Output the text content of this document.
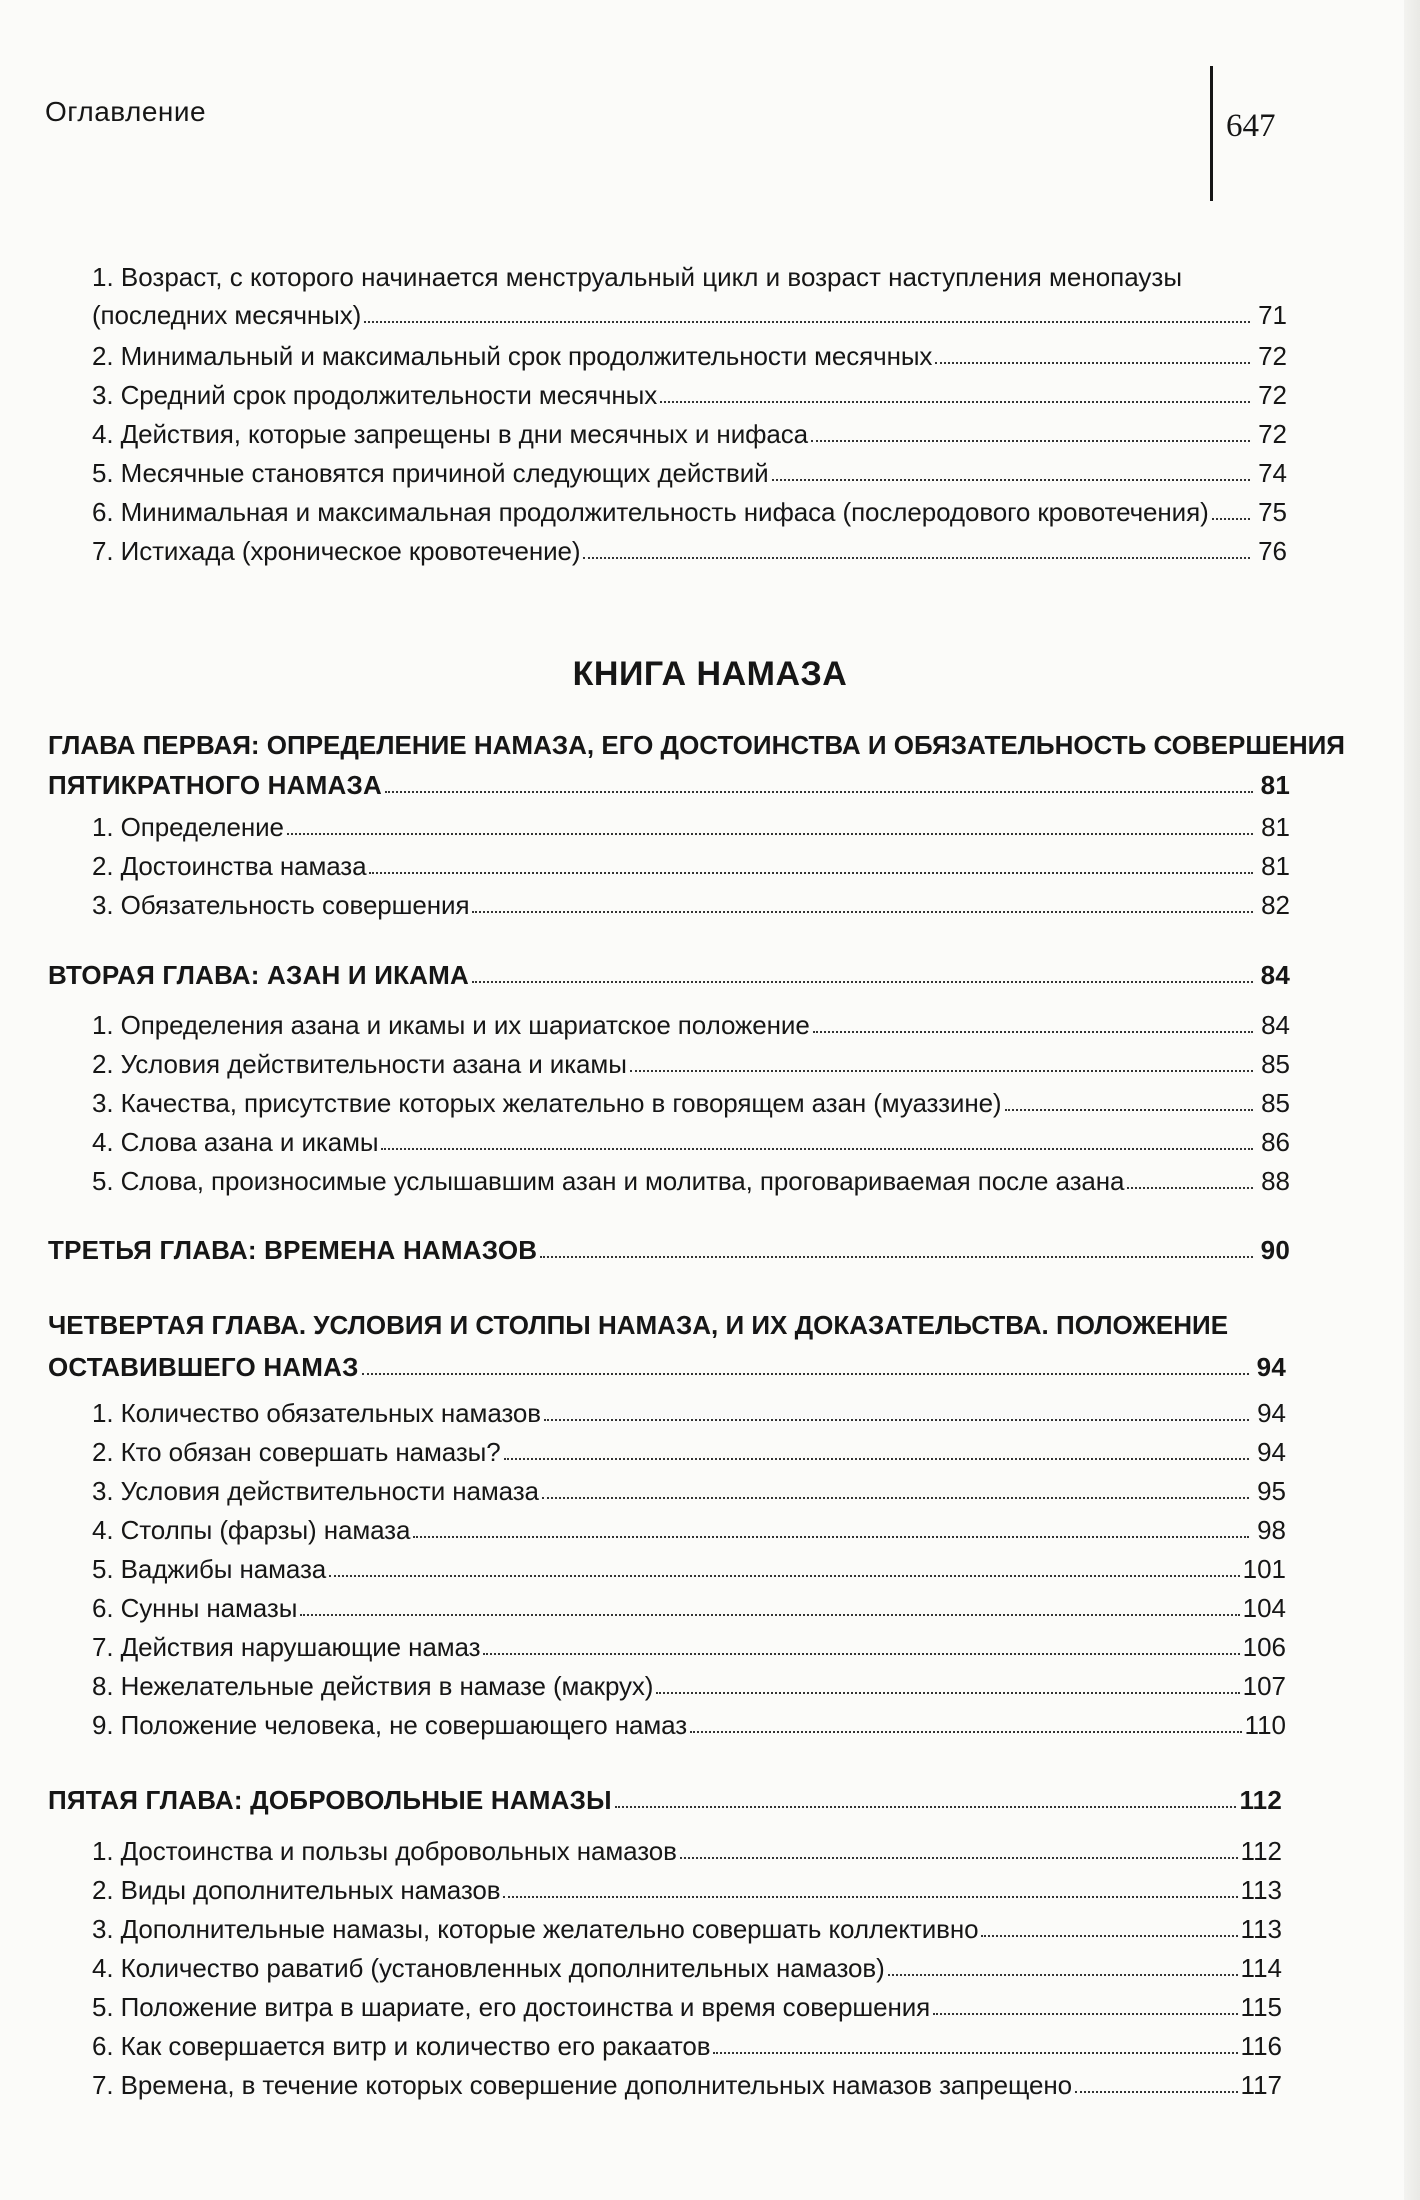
Оглавление	647
1. Возраст, с которого начинается менструальный цикл и возраст наступления менопаузы
(последних месячных)	71
2. Минимальный и максимальный срок продолжительности месячных	72
3. Средний срок продолжительности месячных	72
4. Действия, которые запрещены в дни месячных и нифаса	72
5. Месячные становятся причиной следующих действий	74
6. Минимальная и максимальная продолжительность нифаса (послеродового кровотечения) 75
7. Истихада (хроническое кровотечение)	76
КНИГА НАМАЗА
ГЛАВА ПЕРВАЯ: ОПРЕДЕЛЕНИЕ НАМАЗА, ЕГО ДОСТОИНСТВА И ОБЯЗАТЕЛЬНОСТЬ СОВЕРШЕНИЯ
ПЯТИКРАТНОГО НАМАЗА	81
1. Определение	81
2. Достоинства намаза	81
3. Обязательность совершения	82
ВТОРАЯ ГЛАВА: АЗАН И ИКАМА	84
1. Определения азана и икамы и их шариатское положение	84
2. Условия действительности азана и икамы	85
3. Качества, присутствие которых желательно в говорящем азан (муаззине)	85
4. Слова азана и икамы	86
5. Слова, произносимые услышавшим азан и молитва, проговариваемая после азана	88
ТРЕТЬЯ ГЛАВА: ВРЕМЕНА НАМАЗОВ	90
ЧЕТВЕРТАЯ ГЛАВА. УСЛОВИЯ И СТОЛПЫ НАМАЗА, И ИХ ДОКАЗАТЕЛЬСТВА. ПОЛОЖЕНИЕ
ОСТАВИВШЕГО НАМАЗ	94
1. Количество обязательных намазов	94
2. Кто обязан совершать намазы?	94
3. Условия действительности намаза	95
4. Столпы (фарзы) намаза	98
5. Ваджибы намаза	101
6. Сунны намазы	104
7. Действия нарушающие намаз	106
8. Нежелательные действия в намазе (макрух)	107
9. Положение человека, не совершающего намаз	110
ПЯТАЯ ГЛАВА: ДОБРОВОЛЬНЫЕ НАМАЗЫ	112
1. Достоинства и пользы добровольных намазов	112
2. Виды дополнительных намазов	113
3. Дополнительные намазы, которые желательно совершать коллективно	113
4. Количество раватиб (установленных дополнительных намазов)	114
5. Положение витра в шариате, его достоинства и время совершения	115
6. Как совершается витр и количество его ракаатов	116
7. Времена, в течение которых совершение дополнительных намазов запрещено	117
